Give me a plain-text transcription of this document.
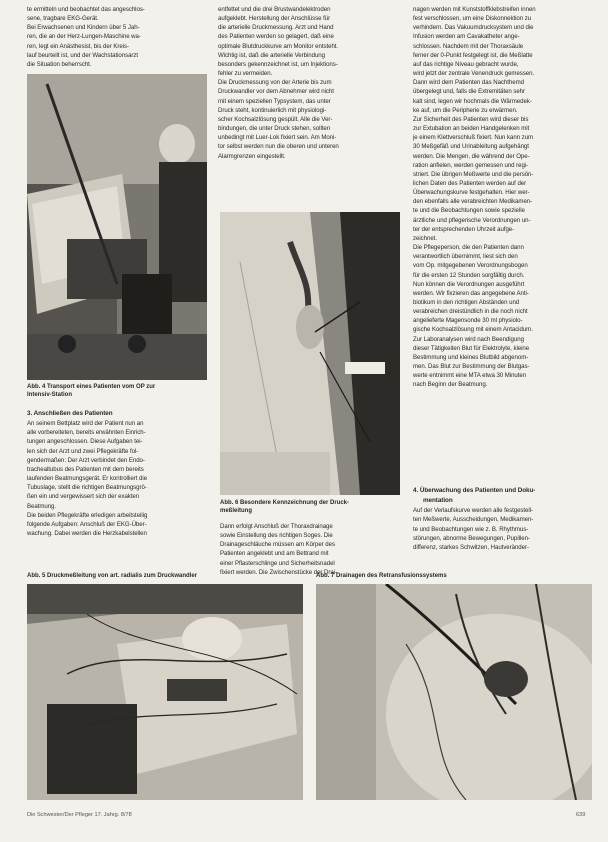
te ermitteln und beobachtet das angeschlos-

sene, tragbare EKG-Gerät.

Bei Erwachsenen und Kindern über 5 Jah-

ren, die an der Herz-Lungen-Maschine wa-

ren, legt ein Anästhesist, bis der Kreis-

lauf beurteilt ist, und der Wachstationsarzt

die Situation beherrscht.

Abb. 4 Transport eines Patienten vom OP zur
Intensiv-Station

3. Anschließen des Patienten

An seinem Bettplatz wird der Patient nun an

alle vorbereiteten, bereits erwähnten Einrich-

tungen angeschlossen. Diese Aufgaben tei-

len sich der Arzt und zwei Pflegekräfte fol-

gendermaßen: Der Arzt verbindet den Endo-

trachealtubus des Patienten mit dem bereits

laufenden Beatmungsgerät. Er kontrolliert die

Tubuslage, stellt die richtigen Beatmungsgrö-

ßen ein und vergewissert sich der exakten

Beatmung.

Die beiden Pflegekräfte erledigen arbeitsteilig

folgende Aufgaben: Anschluß der EKG-Über-

wachung. Dabei werden die Herzkabelstellen

entfettet und die drei Brustwandelektroden

aufgeklebt. Herstellung der Anschlüsse für

die arterielle Druckmessung. Arzt und Hand

des Patienten werden so gelagert, daß eine

optimale Blutdruckkurve am Monitor entsteht.

Wichtig ist, daß die arterielle Verbindung

besonders gekennzeichnet ist, um Injektions-

fehler zu vermeiden.

Die Druckmessung von der Arterie bis zum

Druckwandler vor dem Abnehmer wird nicht

mit einem speziellen Typsystem, das unter

Druck steht, kontinuierlich mit physiologi-

scher Kochsalzlösung gespült. Alle die Ver-

bindungen, die unter Druck stehen, sollten

unbedingt mit Luer-Lok fixiert sein. Am Moni-

tor selbst werden nun die oberen und unteren

Alarmgrenzen eingestellt.

Abb. 6 Besondere Kennzeichnung der Druck-
meßleitung

Dann erfolgt Anschluß der Thoraxdrainage

sowie Einstellung des richtigen Soges. Die

Drainageschläuche müssen am Körper des

Patienten angeklebt und am Bettrand mit

einer Pflasterschlinge und Sicherheitsnadel

fixiert werden. Die Zwischenstücke der Drai-

nagen werden mit Kunststoffklebstreifen innen

fest verschlossen, um eine Diskonnektion zu

verhindern. Das Vakuumdrucksystem und die

Infusion werden am Cavakatheter ange-

schlossen. Nachdem mit der Thoraxsäule

ferner der 0-Punkt festgelegt ist, die Meßlatte

auf das richtige Niveau gebracht wurde,

wird jetzt der zentrale Venendruck gemessen.

Dann wird dem Patienten das Nachthemd

übergelegt und, falls die Extremitäten sehr

kalt sind, legen wir hochmals die Wärmedek-

ke auf, um die Peripherie zu erwärmen.

Zur Sicherheit des Patienten wird dieser bis

zur Extubation an beiden Handgelenken mit

je einem Klettverschluß fixiert. Nun kann zum

30 Meßgefäß und Urinableitung aufgehängt

werden. Die Mengen, die während der Ope-

ration anfielen, werden gemessen und regi-

striert. Die übrigen Meßwerte und die persön-

lichen Daten des Patienten werden auf der

Überwachungskurve festgehalten. Hier wer-

den ebenfalls alle verabreichten Medikamen-

te und die Beobachtungen sowie spezielle

ärztliche und pflegerische Verordnungen un-

ter der entsprechenden Uhrzeit aufge-

zeichnet.

Die Pflegeperson, die den Patienten dann

verantwortlich übernimmt, liest sich den

vom Op. mitgegebenen Verordnungsbogen

für die ersten 12 Stunden sorgfältig durch.

Nun können die Verordnungen ausgeführt

werden. Wir fixzieren das angegebene Anti-

biotikum in den richtigen Abständen und

verabreichen dreistündlich in die noch nicht

angelieferte Magensonde 30 ml physiolo-

gische Kochsalzlösung mit einem Antacidum.

Zur Laboranalysen wird nach Beendigung

dieser Tätigkeiten Blut für Elektrolyte, kleine

Bestimmung und kleines Blutbild abgenom-

men. Das Blut zur Bestimmung der Blutgas-

werte entnimmt eine MTA etwa 30 Minuten

nach Beginn der Beatmung.

4. Überwachung des Patienten und Doku-

mentation

Auf der Verlaufskurve werden alle festgestell-

ten Meßwerte, Ausscheidungen, Medikamen-

te und Beobachtungen wie z. B. Rhythmus-

störungen, abnorme Bewegungen, Pupillen-

differenz, starkes Schwitzen, Hautveränder-

Abb. 5 Druckmeßleitung von art. radialis zum Druckwandler	Abb. 7 Drainagen des Retransfusionssystems
Die Schwester/Der Pfleger 17. Jahrg. 8/78	639
